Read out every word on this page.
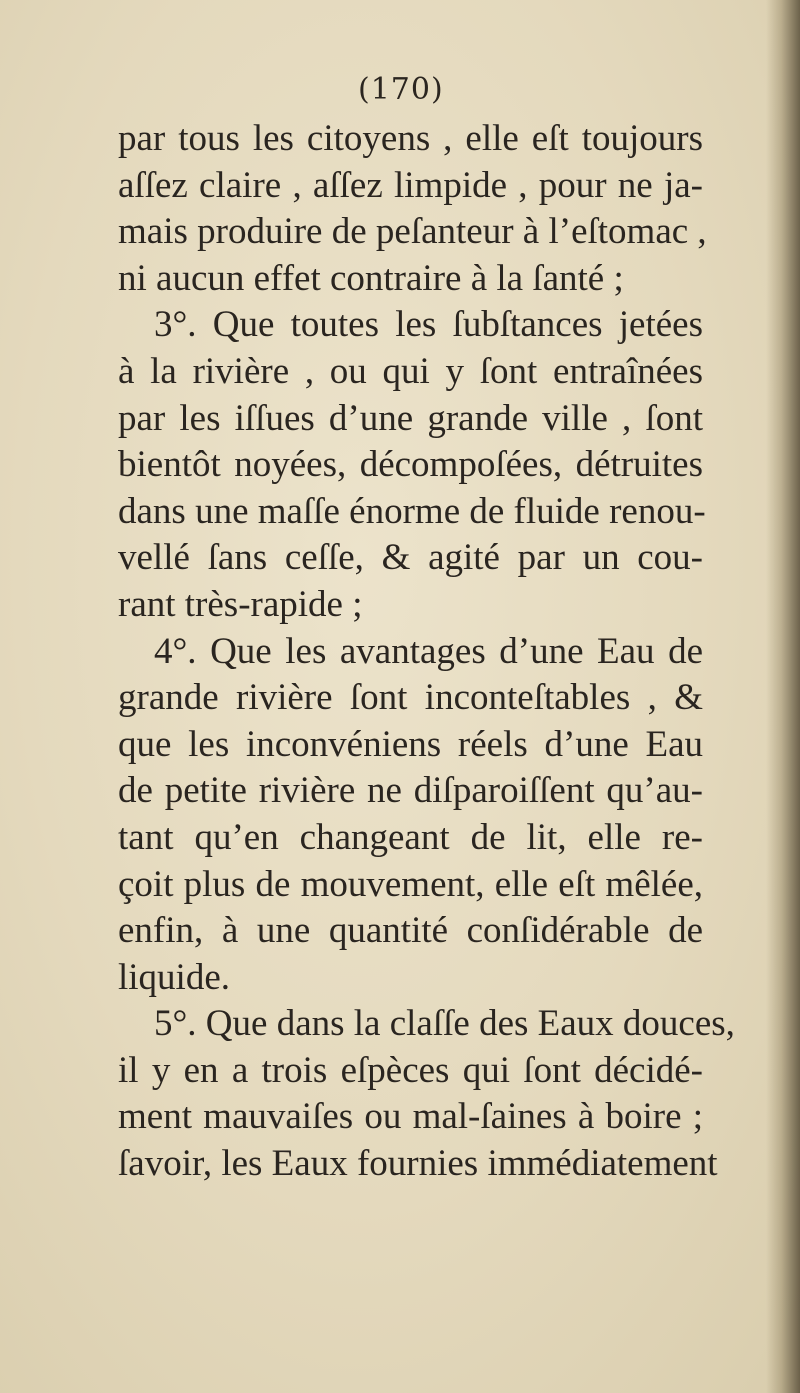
(170)
par tous les citoyens , elle eſt toujours
aſſez claire , aſſez limpide , pour ne ja-
mais produire de peſanteur à l’eſtomac ,
ni aucun effet contraire à la ſanté ;
3°. Que toutes les ſubſtances jetées
à la rivière , ou qui y ſont entraînées
par les iſſues d’une grande ville , ſont
bientôt noyées, décompoſées, détruites
dans une maſſe énorme de fluide renou-
vellé ſans ceſſe, & agité par un cou-
rant très-rapide ;
4°. Que les avantages d’une Eau de
grande rivière ſont inconteſtables , &
que les inconvéniens réels d’une Eau
de petite rivière ne diſparoiſſent qu’au-
tant qu’en changeant de lit, elle re-
çoit plus de mouvement, elle eſt mêlée,
enfin, à une quantité conſidérable de
liquide.
5°. Que dans la claſſe des Eaux douces,
il y en a trois eſpèces qui ſont décidé-
ment mauvaiſes ou mal-ſaines à boire ;
ſavoir, les Eaux fournies immédiatement
